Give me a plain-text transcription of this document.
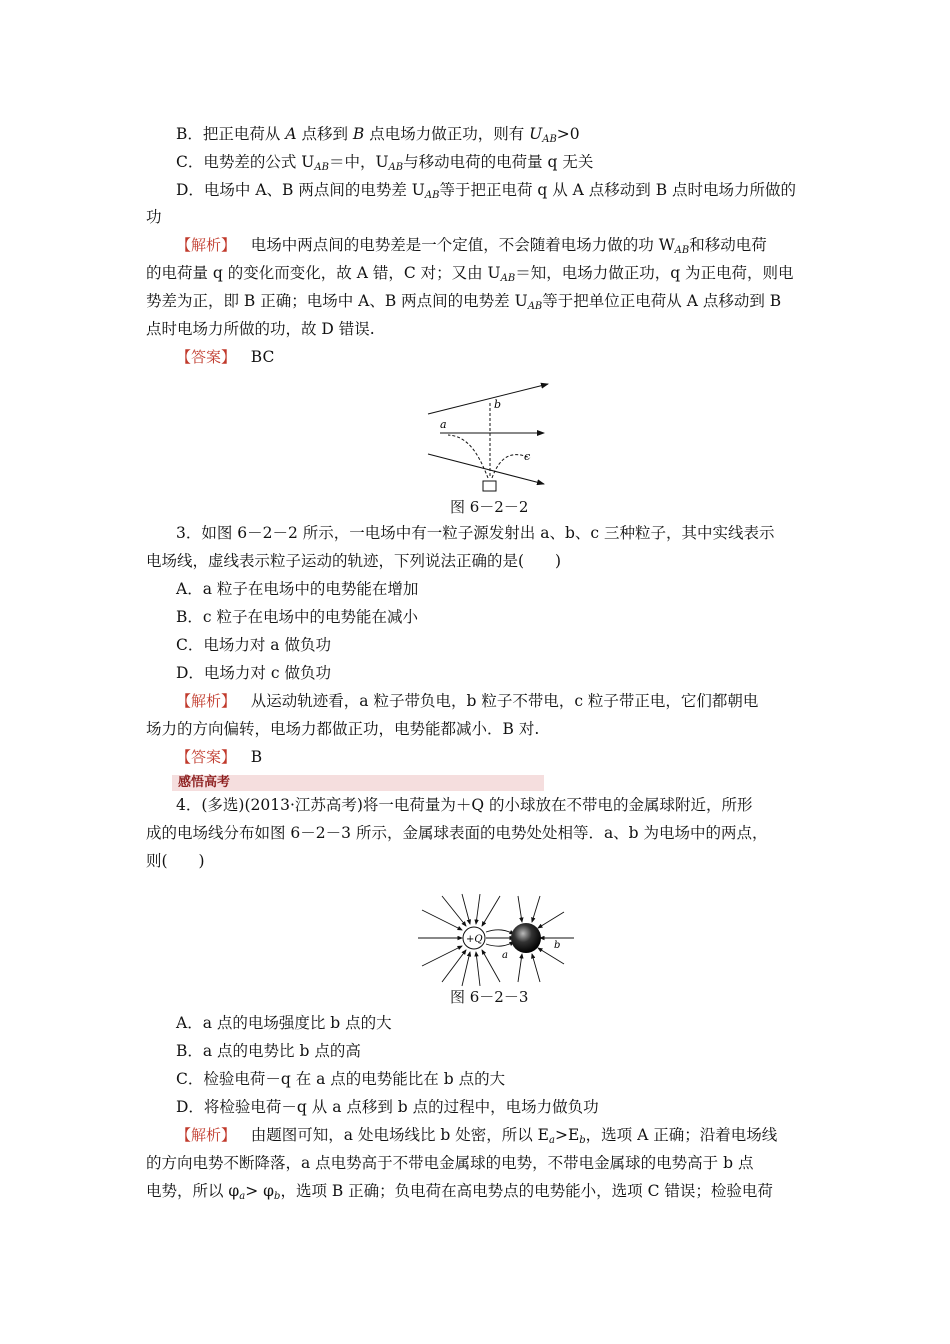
B．把正电荷从 A 点移到 B 点电场力做正功，则有 $U_{AB}>0$
C．电势差的公式 $U_{AB}=$中，$U_{AB}$与移动电荷的电荷量 q 无关
D．电场中 A、B 两点间的电势差 $U_{AB}$等于把正电荷 q 从 A 点移动到 B 点时电场力所做的
功
【解析】 电场中两点间的电势差是一个定值，不会随着电场力做的功 $W_{AB}$和移动电荷
的电荷量 q 的变化而变化，故 A 错，C 对；又由 $U_{AB}=$知，电场力做正功，q 为正电荷，则电
势差为正，即 B 正确；电场中 A、B 两点间的电势差 $U_{AB}$等于把单位正电荷从 A 点移动到 B
点时电场力所做的功，故 D 错误.
【答案】 BC
a
b
c
图 6－2－2
3．如图 6－2－2 所示，一电场中有一粒子源发射出 a、b、c 三种粒子，其中实线表示
电场线，虚线表示粒子运动的轨迹，下列说法正确的是(　　)
A．a 粒子在电场中的电势能在增加
B．c 粒子在电场中的电势能在减小
C．电场力对 a 做负功
D．电场力对 c 做负功
【解析】 从运动轨迹看，a 粒子带负电，b 粒子不带电，c 粒子带正电，它们都朝电
场力的方向偏转，电场力都做正功，电势能都减小．B 对.
【答案】 B
感悟高考
4．(多选)(2013·江苏高考)将一电荷量为＋Q 的小球放在不带电的金属球附近，所形
成的电场线分布如图 6－2－3 所示，金属球表面的电势处处相等．a、b 为电场中的两点，
则(　　)
+Q
a
b
图 6－2－3
A．a 点的电场强度比 b 点的大
B．a 点的电势比 b 点的高
C．检验电荷－q 在 a 点的电势能比在 b 点的大
D．将检验电荷－q 从 a 点移到 b 点的过程中，电场力做负功
【解析】 由题图可知，a 处电场线比 b 处密，所以 $E_a>E_b$，选项 A 正确；沿着电场线
的方向电势不断降落，a 点电势高于不带电金属球的电势，不带电金属球的电势高于 b 点
电势，所以 $\varphi_a> \varphi_b$，选项 B 正确；负电荷在高电势点的电势能小，选项 C 错误；检验电荷
